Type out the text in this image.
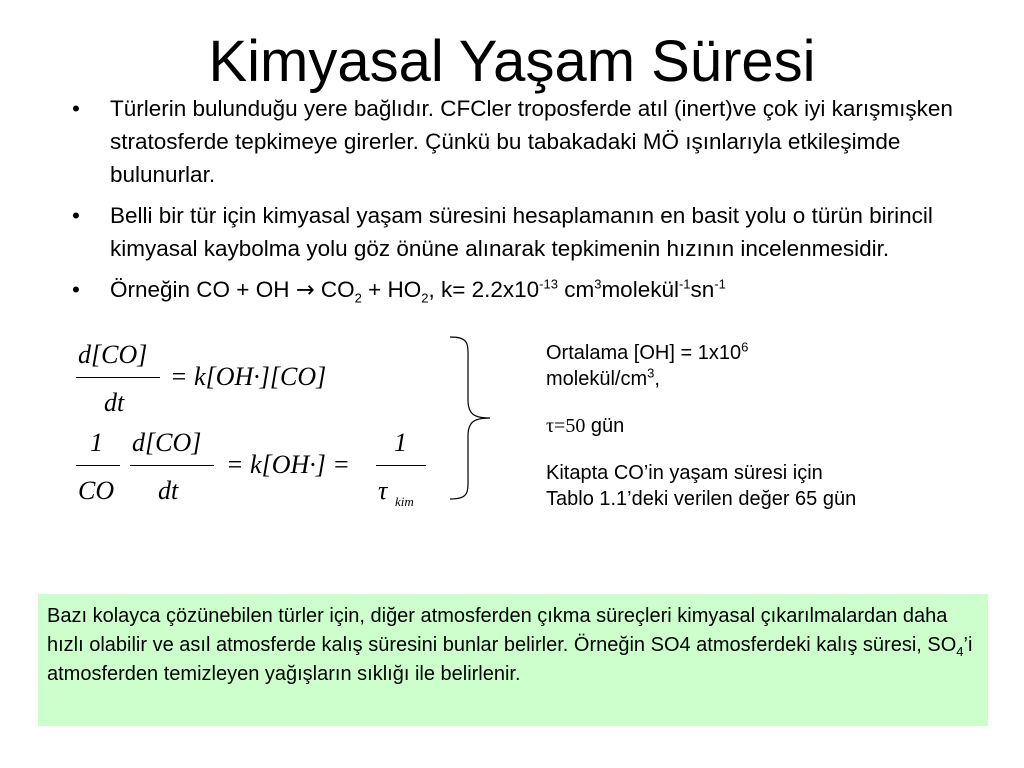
Kimyasal Yaşam Süresi
• Türlerin bulunduğu yere bağlıdır. CFCler troposferde atıl (inert)ve çok iyi karışmışken stratosferde tepkimeye girerler. Çünkü bu tabakadaki MÖ ışınlarıyla etkileşimde bulunurlar.
• Belli bir tür için kimyasal yaşam süresini hesaplamanın en basit yolu o türün birincil kimyasal kaybolma yolu göz önüne alınarak tepkimenin hızının incelenmesidir.
• Örneğin CO + OH → $CO_2 + HO_2$, $k= 2.2x10^{-13}$ $cm^3molekül^{-1}sn^{-1}$
d[CO]
dt
= k[OH·][CO]
1
CO
d[CO]
dt
= k[OH·] =
1
τ kim
Ortalama $[OH] = 1x10^6$
molekül/$cm^3$,
τ=50 gün
Kitapta CO’in yaşam süresi için Tablo 1.1’deki verilen değer 65 gün
Bazı kolayca çözünebilen türler için, diğer atmosferden çıkma süreçleri kimyasal çıkarılmalardan daha hızlı olabilir ve asıl atmosferde kalış süresini bunlar belirler. Örneğin SO4 atmosferdeki kalış süresi, $SO_4’i$ atmosferden temizleyen yağışların sıklığı ile belirlenir.
